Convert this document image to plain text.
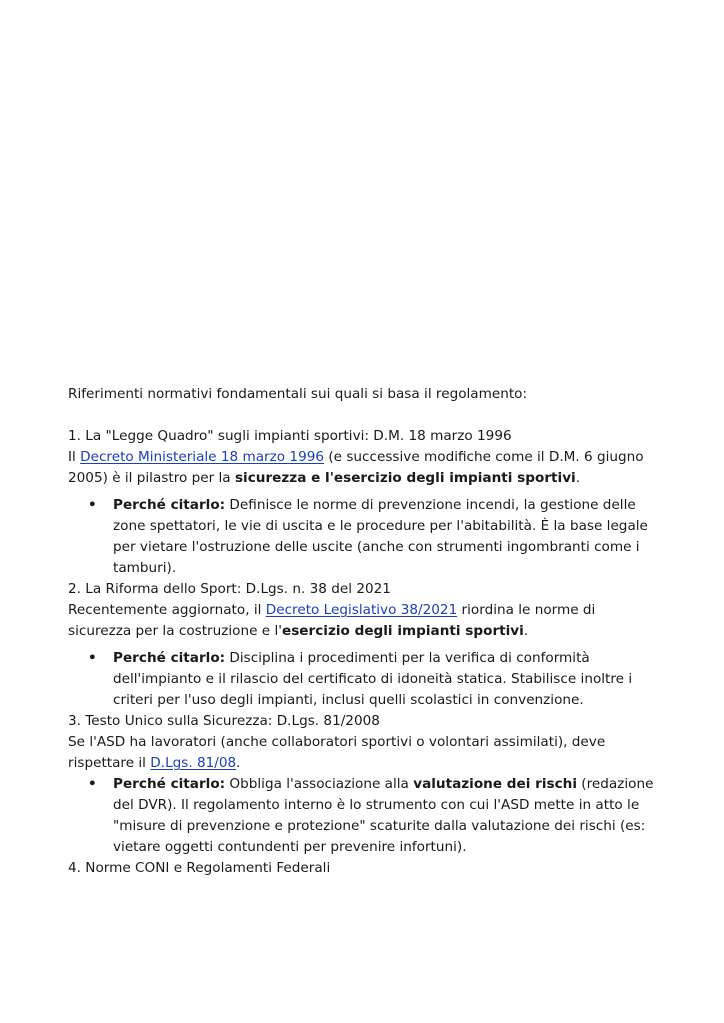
Riferimenti normativi fondamentali sui quali si basa il regolamento:

1. La "Legge Quadro" sugli impianti sportivi: D.M. 18 marzo 1996

Il Decreto Ministeriale 18 marzo 1996 (e successive modifiche come il D.M. 6 giugno 2005) è il pilastro per la sicurezza e l'esercizio degli impianti sportivi.

• Perché citarlo: Definisce le norme di prevenzione incendi, la gestione delle zone spettatori, le vie di uscita e le procedure per l'abitabilità. È la base legale per vietare l'ostruzione delle uscite (anche con strumenti ingombranti come i tamburi).

2. La Riforma dello Sport: D.Lgs. n. 38 del 2021

Recentemente aggiornato, il Decreto Legislativo 38/2021 riordina le norme di sicurezza per la costruzione e l'esercizio degli impianti sportivi.

• Perché citarlo: Disciplina i procedimenti per la verifica di conformità dell'impianto e il rilascio del certificato di idoneità statica. Stabilisce inoltre i criteri per l'uso degli impianti, inclusi quelli scolastici in convenzione.

3. Testo Unico sulla Sicurezza: D.Lgs. 81/2008

Se l'ASD ha lavoratori (anche collaboratori sportivi o volontari assimilati), deve rispettare il D.Lgs. 81/08.

• Perché citarlo: Obbliga l'associazione alla valutazione dei rischi (redazione del DVR). Il regolamento interno è lo strumento con cui l'ASD mette in atto le "misure di prevenzione e protezione" scaturite dalla valutazione dei rischi (es: vietare oggetti contundenti per prevenire infortuni).

4. Norme CONI e Regolamenti Federali
